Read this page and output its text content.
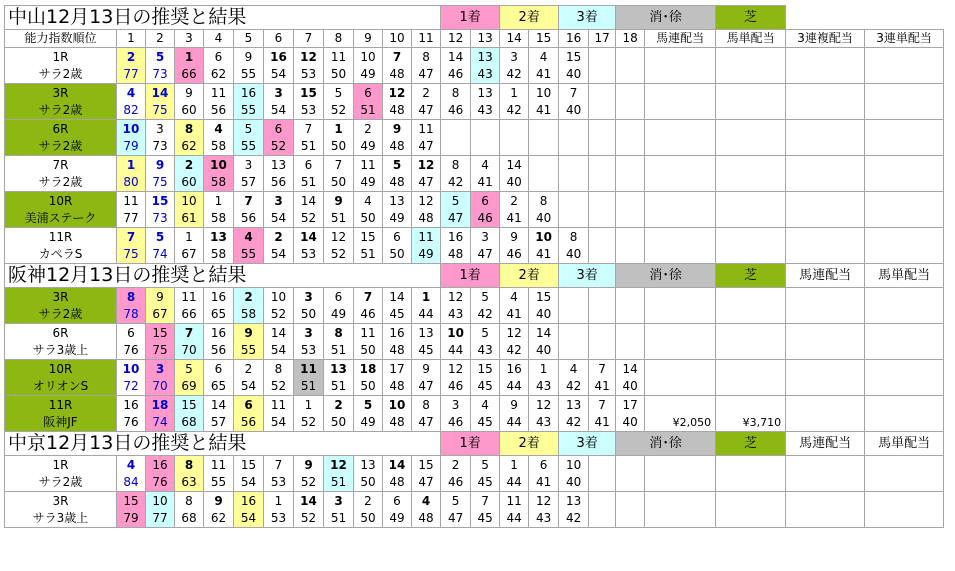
中山12月13日の推奨と結果												1着		2着		3着		消･徐		芝				
能力指数順位	1	2	3	4	5	6	7	8	9	10	11	12	13	14	15	16	17	18	馬連配当	馬単配当	3連複配当	3連単配当	
1R	2	5	1	6	9	16	12	11	10	7	8	14	13	3	4	15							
サラ2歳	77	73	66	62	55	54	53	50	49	48	47	46	43	42	41	40							
3R	4	14	9	11	16	3	15	5	6	12	2	8	13	1	10	7							
サラ2歳	82	75	60	56	55	54	53	52	51	48	47	46	43	42	41	40							
6R	10	3	8	4	5	6	7	1	2	9	11												
サラ2歳	79	73	62	58	55	52	51	50	49	48	47												
7R	1	9	2	10	3	13	6	7	11	5	12	8	4	14									
サラ2歳	80	75	60	58	57	56	51	50	49	48	47	42	41	40									
10R	11	15	10	1	7	3	14	9	4	13	12	5	6	2	8								
美浦ステーク	77	73	61	58	56	54	52	51	50	49	48	47	46	41	40								
11R	7	5	1	13	4	2	14	12	15	6	11	16	3	9	10	8							
カペラS	75	74	67	58	55	54	53	52	51	50	49	48	47	46	41	40							
阪神12月13日の推奨と結果												1着		2着		3着		消･徐		芝	馬連配当	馬単配当		
3R	8	9	11	16	2	10	3	6	7	14	1	12	5	4	15								
サラ2歳	78	67	66	65	58	52	50	49	46	45	44	43	42	41	40								
6R	6	15	7	16	9	14	3	8	11	16	13	10	5	12	14								
サラ3歳上	76	75	70	56	55	54	53	51	50	48	45	44	43	42	40								
10R	10	3	5	6	2	8	11	13	18	17	9	12	15	16	1	4	7	14					
オリオンS	72	70	69	65	54	52	51	51	50	48	47	46	45	44	43	42	41	40					
11R	16	18	15	14	6	11	1	2	5	10	8	3	4	9	12	13	7	17					
阪神JF	76	74	68	57	56	54	52	50	49	48	47	46	45	44	43	42	41	40	¥2,050	¥3,710			
中京12月13日の推奨と結果												1着		2着		3着		消･徐		芝	馬連配当	馬単配当		
1R	4	16	8	11	15	7	9	12	13	14	15	2	5	1	6	10							
サラ2歳	84	76	63	55	54	53	52	51	50	48	47	46	45	44	41	40							
3R	15	10	8	9	16	1	14	3	2	6	4	5	7	11	12	13							
サラ3歳上	79	77	68	62	54	53	52	51	50	49	48	47	45	44	43	42							
